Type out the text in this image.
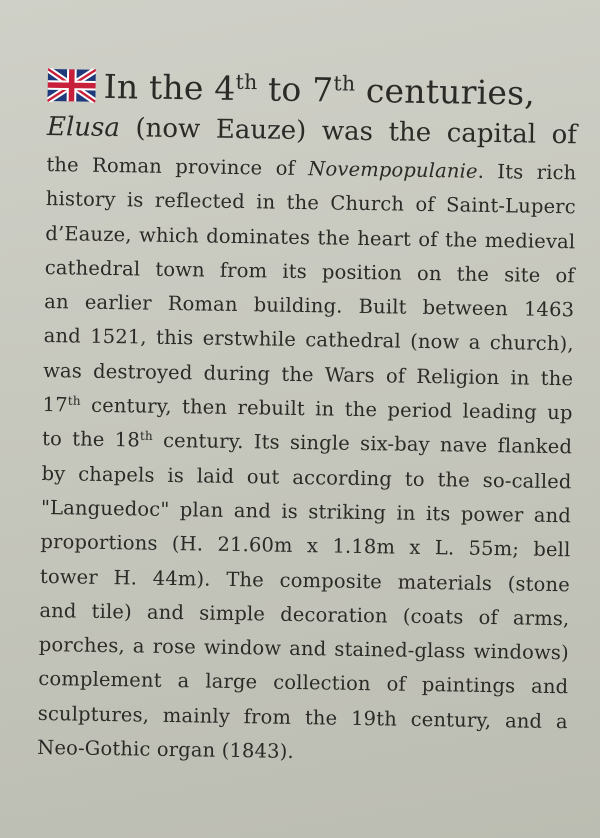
In the 4th to 7th centuries,
Elusa (now Eauze) was the capital of
the Roman province of Novempopulanie. Its rich
history is reflected in the Church of Saint-Luperc
d’Eauze, which dominates the heart of the medieval
cathedral town from its position on the site of
an earlier Roman building. Built between 1463
and 1521, this erstwhile cathedral (now a church),
was destroyed during the Wars of Religion in the
17th century, then rebuilt in the period leading up
to the 18th century. Its single six-bay nave flanked
by chapels is laid out according to the so-called
"Languedoc" plan and is striking in its power and
proportions (H. 21.60m x 1.18m x L. 55m; bell
tower H. 44m). The composite materials (stone
and tile) and simple decoration (coats of arms,
porches, a rose window and stained-glass windows)
complement a large collection of paintings and
sculptures, mainly from the 19th century, and a
Neo-Gothic organ (1843).
